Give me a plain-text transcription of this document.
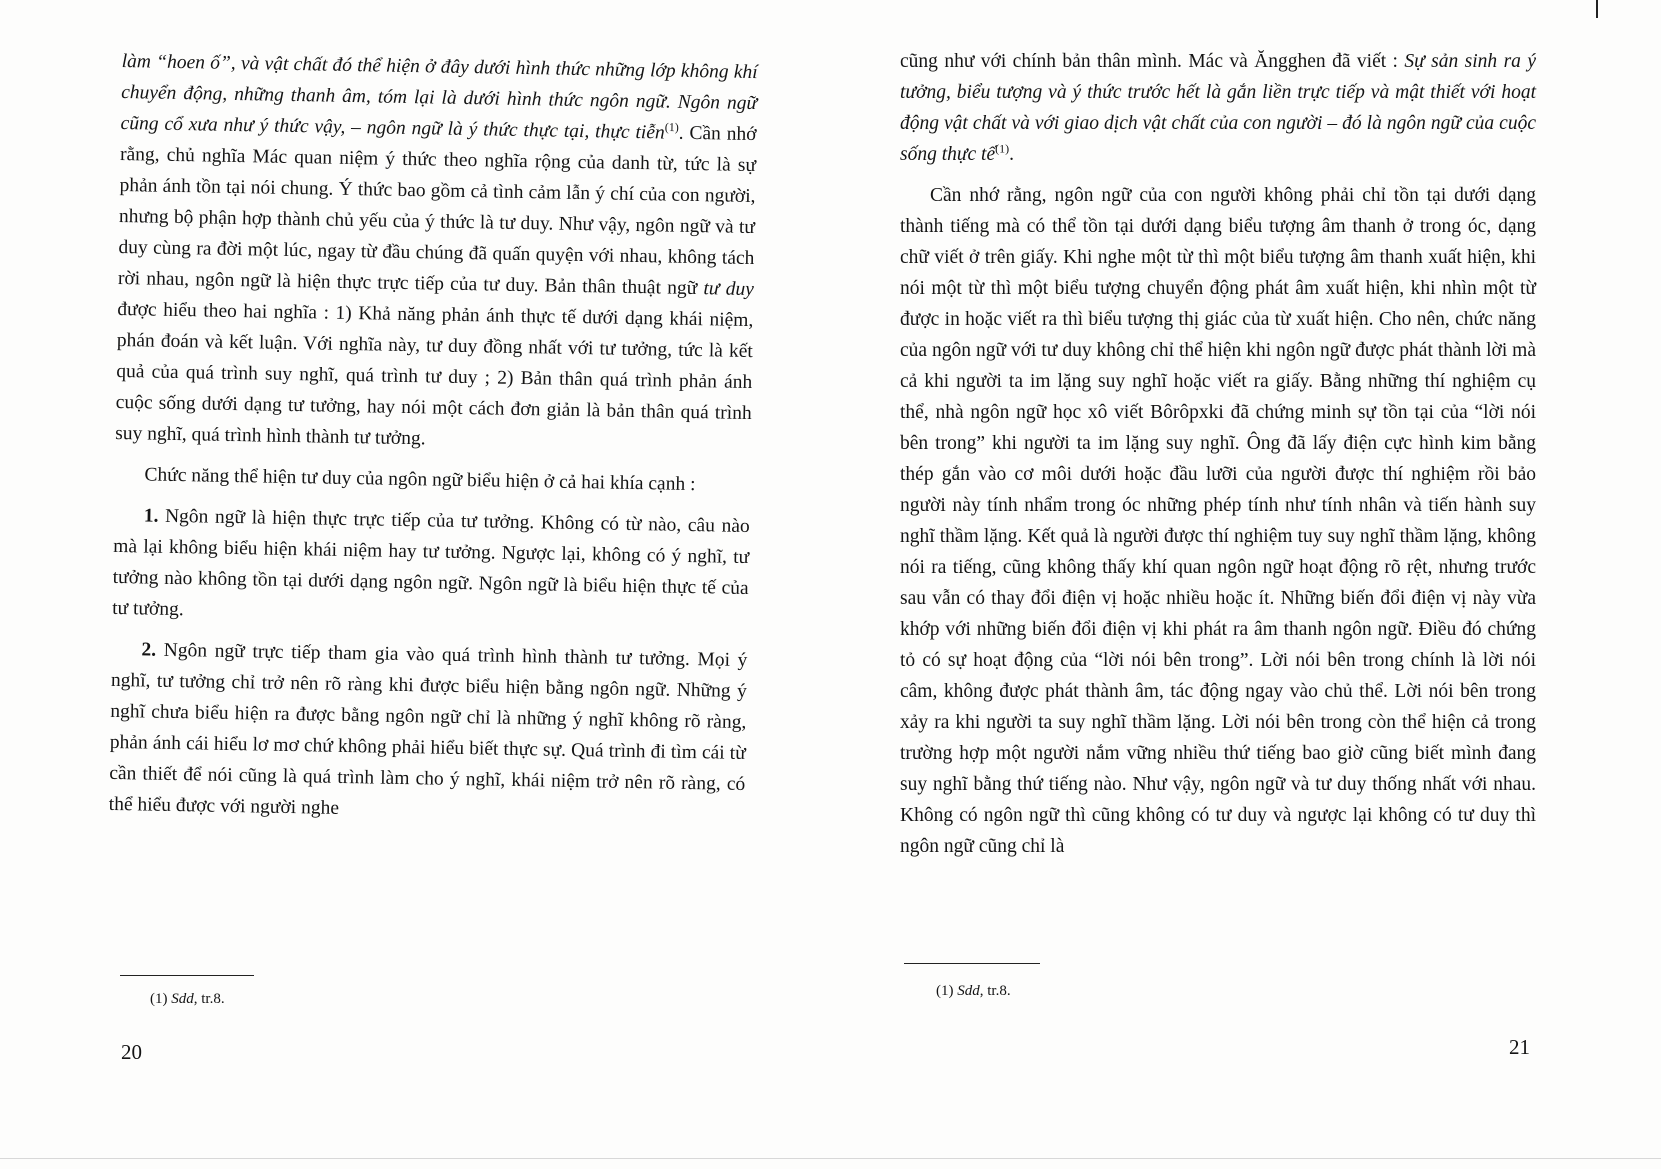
làm “hoen ố”, và vật chất đó thể hiện ở đây dưới hình thức những lớp không khí chuyển động, những thanh âm, tóm lại là dưới hình thức ngôn ngữ. Ngôn ngữ cũng cổ xưa như ý thức vậy, – ngôn ngữ là ý thức thực tại, thực tiễn$^{(1)}$. Cần nhớ rằng, chủ nghĩa Mác quan niệm ý thức theo nghĩa rộng của danh từ, tức là sự phản ánh tồn tại nói chung. Ý thức bao gồm cả tình cảm lẫn ý chí của con người, nhưng bộ phận hợp thành chủ yếu của ý thức là tư duy. Như vậy, ngôn ngữ và tư duy cùng ra đời một lúc, ngay từ đầu chúng đã quấn quyện với nhau, không tách rời nhau, ngôn ngữ là hiện thực trực tiếp của tư duy. Bản thân thuật ngữ tư duy được hiểu theo hai nghĩa : 1) Khả năng phản ánh thực tế dưới dạng khái niệm, phán đoán và kết luận. Với nghĩa này, tư duy đồng nhất với tư tưởng, tức là kết quả của quá trình suy nghĩ, quá trình tư duy ; 2) Bản thân quá trình phản ánh cuộc sống dưới dạng tư tưởng, hay nói một cách đơn giản là bản thân quá trình suy nghĩ, quá trình hình thành tư tưởng.

Chức năng thể hiện tư duy của ngôn ngữ biểu hiện ở cả hai khía cạnh :

1. Ngôn ngữ là hiện thực trực tiếp của tư tưởng. Không có từ nào, câu nào mà lại không biểu hiện khái niệm hay tư tưởng. Ngược lại, không có ý nghĩ, tư tưởng nào không tồn tại dưới dạng ngôn ngữ. Ngôn ngữ là biểu hiện thực tế của tư tưởng.

2. Ngôn ngữ trực tiếp tham gia vào quá trình hình thành tư tưởng. Mọi ý nghĩ, tư tưởng chỉ trở nên rõ ràng khi được biểu hiện bằng ngôn ngữ. Những ý nghĩ chưa biểu hiện ra được bằng ngôn ngữ chỉ là những ý nghĩ không rõ ràng, phản ánh cái hiểu lơ mơ chứ không phải hiểu biết thực sự. Quá trình đi tìm cái từ cần thiết để nói cũng là quá trình làm cho ý nghĩ, khái niệm trở nên rõ ràng, có thể hiểu được với người nghe

(1) Sdd, tr.8.
20

cũng như với chính bản thân mình. Mác và Ăngghen đã viết : Sự sản sinh ra ý tưởng, biểu tượng và ý thức trước hết là gắn liền trực tiếp và mật thiết với hoạt động vật chất và với giao dịch vật chất của con người – đó là ngôn ngữ của cuộc sống thực tế$^{(1)}$.

Cần nhớ rằng, ngôn ngữ của con người không phải chỉ tồn tại dưới dạng thành tiếng mà có thể tồn tại dưới dạng biểu tượng âm thanh ở trong óc, dạng chữ viết ở trên giấy. Khi nghe một từ thì một biểu tượng âm thanh xuất hiện, khi nói một từ thì một biểu tượng chuyển động phát âm xuất hiện, khi nhìn một từ được in hoặc viết ra thì biểu tượng thị giác của từ xuất hiện. Cho nên, chức năng của ngôn ngữ với tư duy không chỉ thể hiện khi ngôn ngữ được phát thành lời mà cả khi người ta im lặng suy nghĩ hoặc viết ra giấy. Bằng những thí nghiệm cụ thể, nhà ngôn ngữ học xô viết Bôrôpxki đã chứng minh sự tồn tại của “lời nói bên trong” khi người ta im lặng suy nghĩ. Ông đã lấy điện cực hình kim bằng thép gắn vào cơ môi dưới hoặc đầu lưỡi của người được thí nghiệm rồi bảo người này tính nhẩm trong óc những phép tính như tính nhân và tiến hành suy nghĩ thầm lặng. Kết quả là người được thí nghiệm tuy suy nghĩ thầm lặng, không nói ra tiếng, cũng không thấy khí quan ngôn ngữ hoạt động rõ rệt, nhưng trước sau vẫn có thay đổi điện vị hoặc nhiều hoặc ít. Những biến đổi điện vị này vừa khớp với những biến đổi điện vị khi phát ra âm thanh ngôn ngữ. Điều đó chứng tỏ có sự hoạt động của “lời nói bên trong”. Lời nói bên trong chính là lời nói câm, không được phát thành âm, tác động ngay vào chủ thể. Lời nói bên trong xảy ra khi người ta suy nghĩ thầm lặng. Lời nói bên trong còn thể hiện cả trong trường hợp một người nắm vững nhiều thứ tiếng bao giờ cũng biết mình đang suy nghĩ bằng thứ tiếng nào. Như vậy, ngôn ngữ và tư duy thống nhất với nhau. Không có ngôn ngữ thì cũng không có tư duy và ngược lại không có tư duy thì ngôn ngữ cũng chỉ là

(1) Sdd, tr.8.
21
